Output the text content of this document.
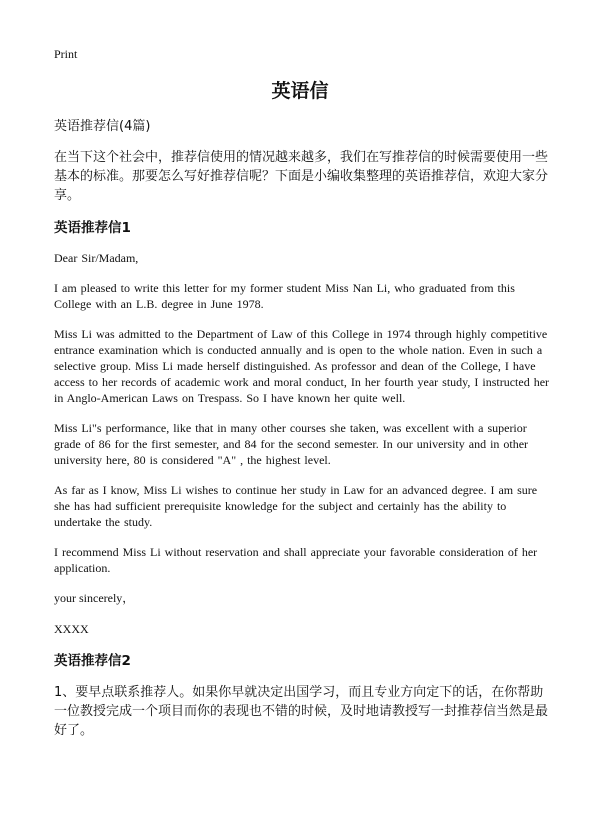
Print
英语信

英语推荐信(4篇)

在当下这个社会中，推荐信使用的情况越来越多，我们在写推荐信的时候需要使用一些基本的标准。那要怎么写好推荐信呢？下面是小编收集整理的英语推荐信，欢迎大家分享。

英语推荐信1

Dear Sir/Madam,

I am pleased to write this letter for my former student Miss Nan Li, who graduated from this College with an L.B. degree in June 1978.

Miss Li was admitted to the Department of Law of this College in 1974 through highly competitive entrance examination which is conducted annually and is open to the whole nation. Even in such a selective group. Miss Li made herself distinguished. As professor and dean of the College, I have access to her records of academic work and moral conduct, In her fourth year study, I instructed her in Anglo-American Laws on Trespass. So I have known her quite well.

Miss Li"s performance, like that in many other courses she taken, was excellent with a superior grade of 86 for the first semester, and 84 for the second semester. In our university and in other university here, 80 is considered "A" , the highest level.

As far as I know, Miss Li wishes to continue her study in Law for an advanced degree. I am sure she has had sufficient prerequisite knowledge for the subject and certainly has the ability to undertake the study.

I recommend Miss Li without reservation and shall appreciate your favorable consideration of her application.

your sincerely，

XXXX

英语推荐信2

1、要早点联系推荐人。如果你早就决定出国学习，而且专业方向定下的话，在你帮助一位教授完成一个项目而你的表现也不错的时候，及时地请教授写一封推荐信当然是最好了。
